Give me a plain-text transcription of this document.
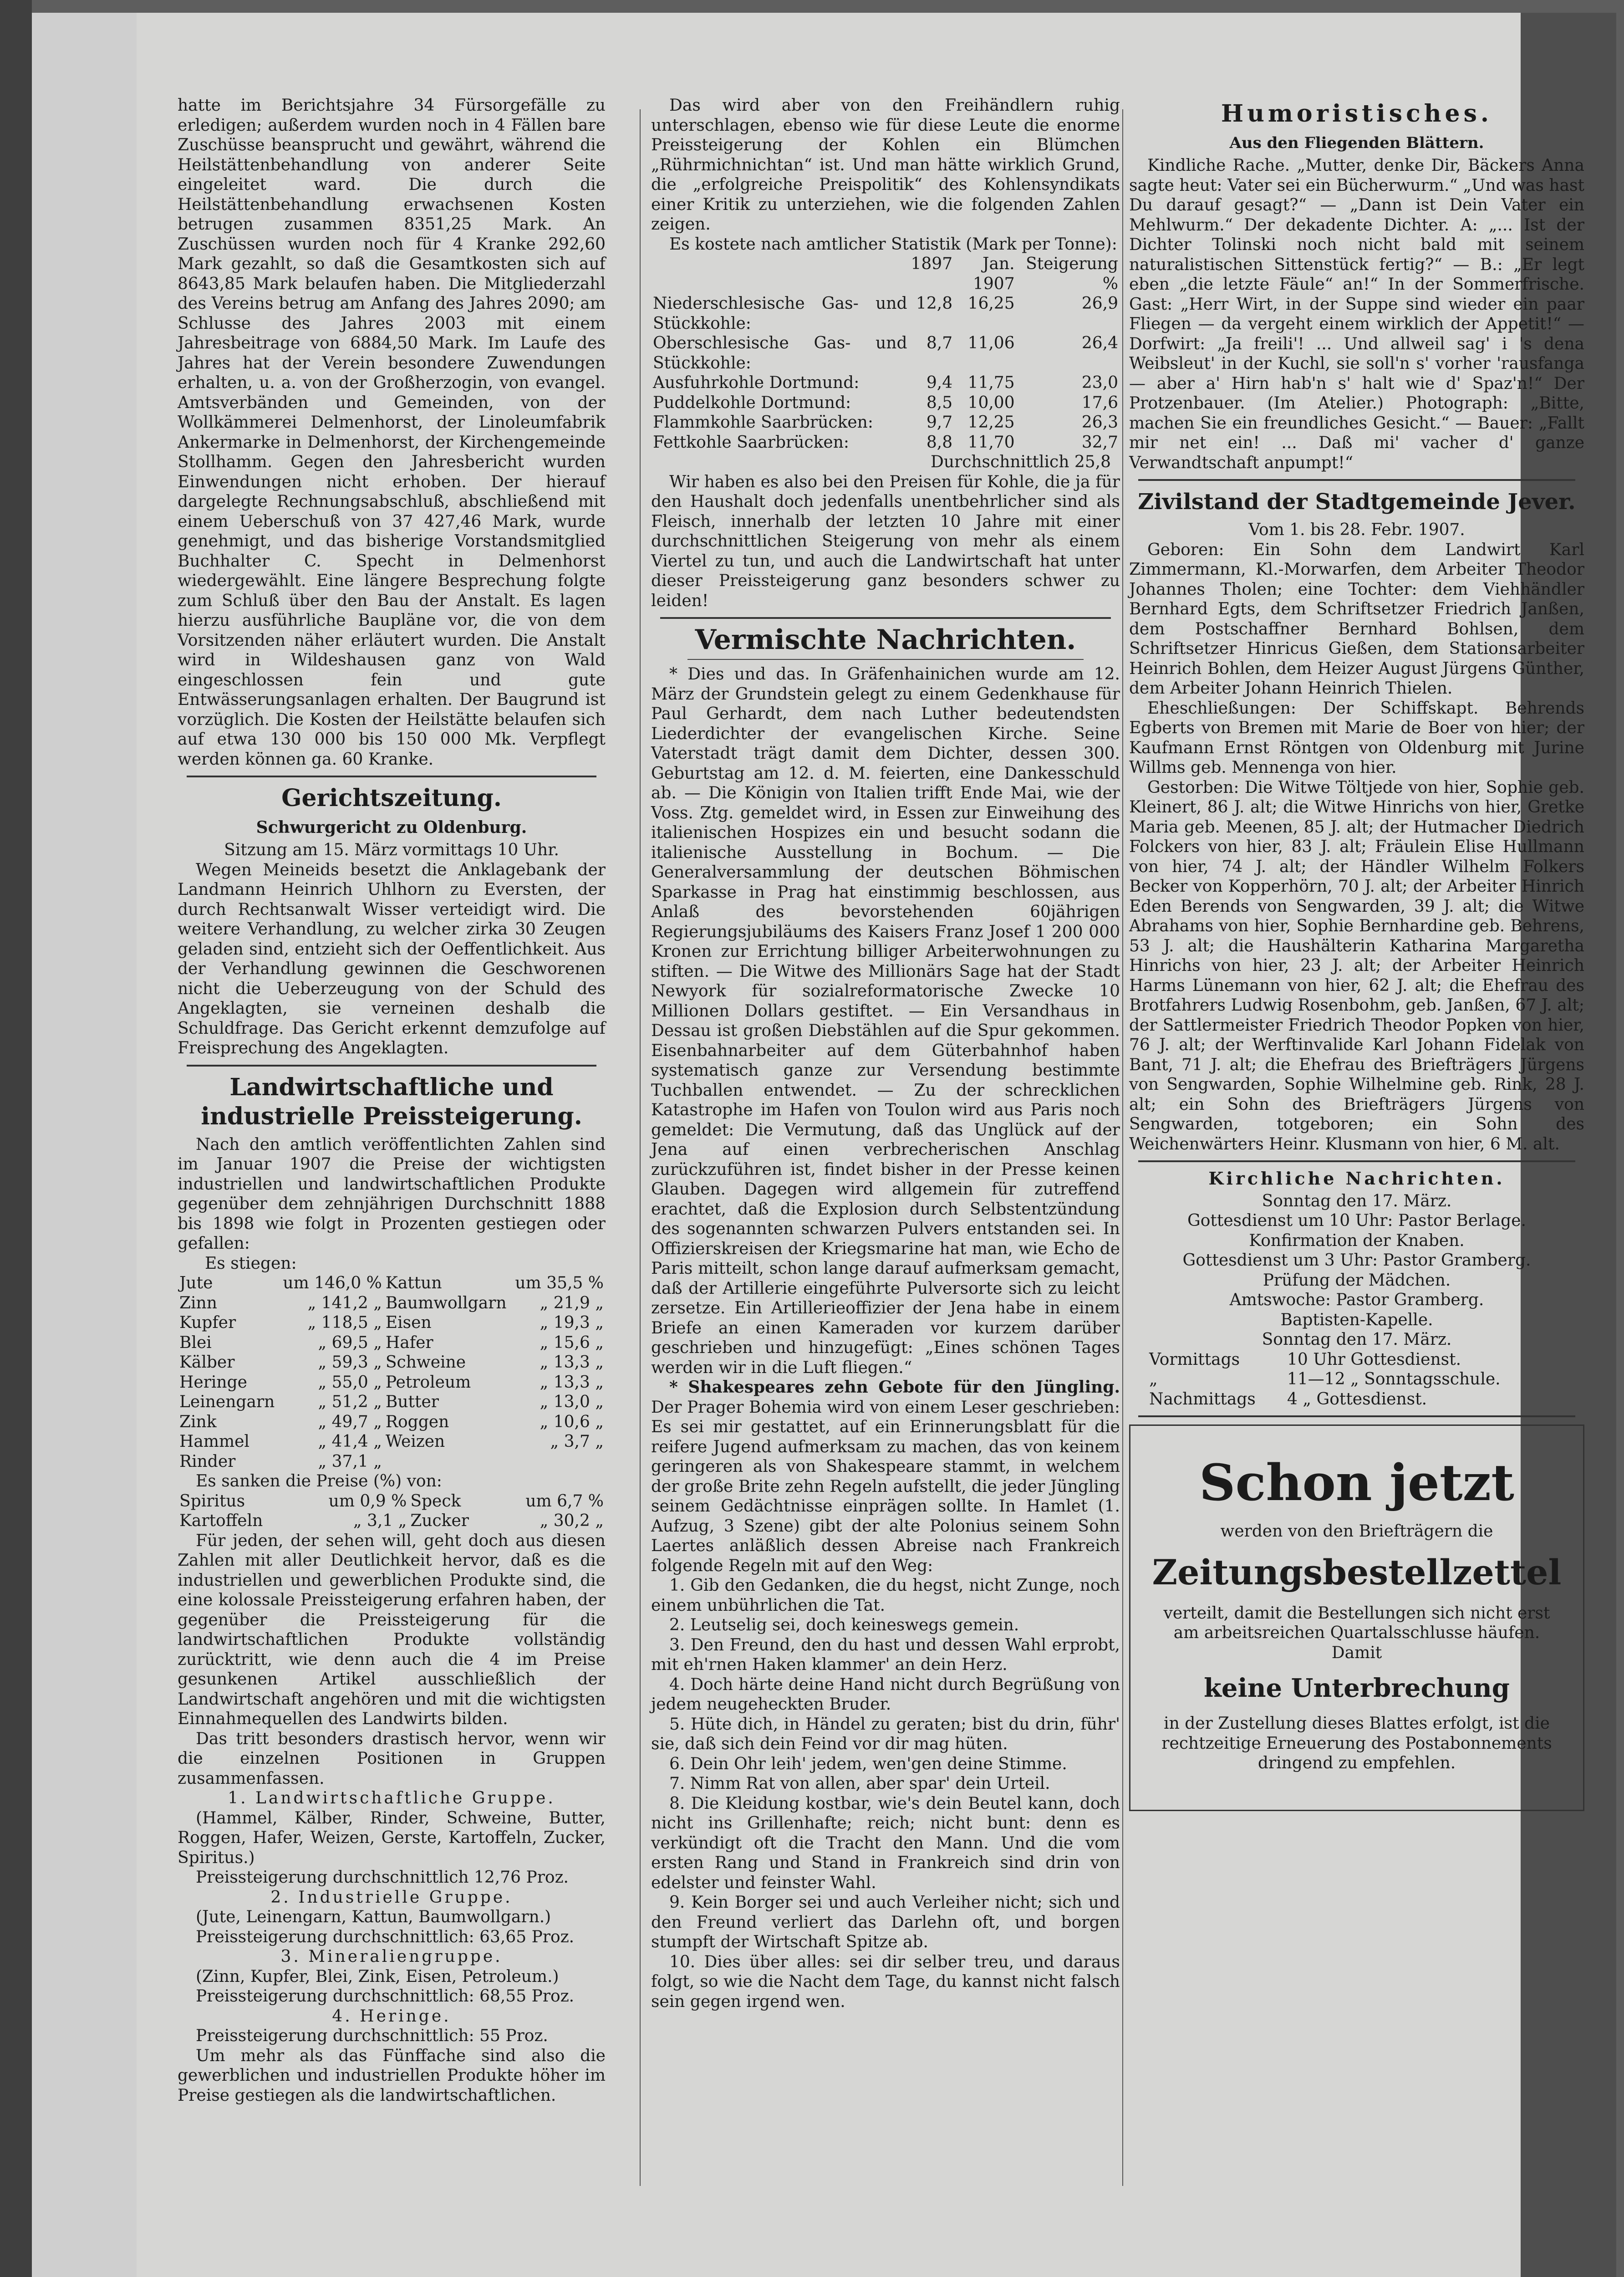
hatte im Berichtsjahre 34 Fürsorgefälle zu erledigen; außerdem wurden noch in 4 Fällen bare Zuschüsse beansprucht und gewährt, während die Heilstättenbehandlung von anderer Seite eingeleitet ward. Die durch die Heilstättenbehandlung erwachsenen Kosten betrugen zusammen 8351,25 Mark. An Zuschüssen wurden noch für 4 Kranke 292,60 Mark gezahlt, so daß die Gesamtkosten sich auf 8643,85 Mark belaufen haben. Die Mitgliederzahl des Vereins betrug am Anfang des Jahres 2090; am Schlusse des Jahres 2003 mit einem Jahresbeitrage von 6884,50 Mark. Im Laufe des Jahres hat der Verein besondere Zuwendungen erhalten, u. a. von der Großherzogin, von evangel. Amtsverbänden und Gemeinden, von der Wollkämmerei Delmenhorst, der Linoleumfabrik Ankermarke in Delmenhorst, der Kirchengemeinde Stollhamm. Gegen den Jahresbericht wurden Einwendungen nicht erhoben. Der hierauf dargelegte Rechnungsabschluß, abschließend mit einem Ueberschuß von 37 427,46 Mark, wurde genehmigt, und das bisherige Vorstandsmitglied Buchhalter C. Specht in Delmenhorst wiedergewählt. Eine längere Besprechung folgte zum Schluß über den Bau der Anstalt. Es lagen hierzu ausführliche Baupläne vor, die von dem Vorsitzenden näher erläutert wurden. Die Anstalt wird in Wildeshausen ganz von Wald eingeschlossen fein und gute Entwässerungsanlagen erhalten. Der Baugrund ist vorzüglich. Die Kosten der Heilstätte belaufen sich auf etwa 130 000 bis 150 000 Mk. Verpflegt werden können ga. 60 Kranke.

Gerichtszeitung.
Schwurgericht zu Oldenburg.
Sitzung am 15. März vormittags 10 Uhr.

Wegen Meineids besetzt die Anklagebank der Landmann Heinrich Uhlhorn zu Eversten, der durch Rechtsanwalt Wisser verteidigt wird. Die weitere Verhandlung, zu welcher zirka 30 Zeugen geladen sind, entzieht sich der Oeffentlichkeit. Aus der Verhandlung gewinnen die Geschworenen nicht die Ueberzeugung von der Schuld des Angeklagten, sie verneinen deshalb die Schuldfrage. Das Gericht erkennt demzufolge auf Freisprechung des Angeklagten.

Landwirtschaftliche und industrielle Preissteigerung.

Nach den amtlich veröffentlichten Zahlen sind im Januar 1907 die Preise der wichtigsten industriellen und landwirtschaftlichen Produkte gegenüber dem zehnjährigen Durchschnitt 1888 bis 1898 wie folgt in Prozenten gestiegen oder gefallen:

Es stiegen:
Jute	um 146,0 %	Kattun	um 35,5 %
Zinn	„ 141,2 „	Baumwollgarn	„ 21,9 „
Kupfer	„ 118,5 „	Eisen	„ 19,3 „
Blei	„ 69,5 „	Hafer	„ 15,6 „
Kälber	„ 59,3 „	Schweine	„ 13,3 „
Heringe	„ 55,0 „	Petroleum	„ 13,3 „
Leinengarn	„ 51,2 „	Butter	„ 13,0 „
Zink	„ 49,7 „	Roggen	„ 10,6 „
Hammel	„ 41,4 „	Weizen	„ 3,7 „
Rinder	„ 37,1 „		
Es sanken die Preise (%) von:
Spiritus	um 0,9 %	Speck	um 6,7 %
Kartoffeln	„ 3,1 „	Zucker	„ 30,2 „

Für jeden, der sehen will, geht doch aus diesen Zahlen mit aller Deutlichkeit hervor, daß es die industriellen und gewerblichen Produkte sind, die eine kolossale Preissteigerung erfahren haben, der gegenüber die Preissteigerung für die landwirtschaftlichen Produkte vollständig zurücktritt, wie denn auch die 4 im Preise gesunkenen Artikel ausschließlich der Landwirtschaft angehören und mit die wichtigsten Einnahmequellen des Landwirts bilden.

Das tritt besonders drastisch hervor, wenn wir die einzelnen Positionen in Gruppen zusammenfassen.

1. Landwirtschaftliche Gruppe.

(Hammel, Kälber, Rinder, Schweine, Butter, Roggen, Hafer, Weizen, Gerste, Kartoffeln, Zucker, Spiritus.)

Preissteigerung durchschnittlich 12,76 Proz.

2. Industrielle Gruppe.

(Jute, Leinengarn, Kattun, Baumwollgarn.)

Preissteigerung durchschnittlich: 63,65 Proz.

3. Mineraliengruppe.

(Zinn, Kupfer, Blei, Zink, Eisen, Petroleum.)

Preissteigerung durchschnittlich: 68,55 Proz.

4. Heringe.

Preissteigerung durchschnittlich: 55 Proz.

Um mehr als das Fünffache sind also die gewerblichen und industriellen Produkte höher im Preise gestiegen als die landwirtschaftlichen.

Das wird aber von den Freihändlern ruhig unterschlagen, ebenso wie für diese Leute die enorme Preissteigerung der Kohlen ein Blümchen „Rührmichnichtan“ ist. Und man hätte wirklich Grund, die „erfolgreiche Preispolitik“ des Kohlensyndikats einer Kritik zu unterziehen, wie die folgenden Zahlen zeigen.

Es kostete nach amtlicher Statistik (Mark per Tonne):

	1897	Jan. 1907	Steigerung %
Niederschlesische Gas- und Stückkohle:	12,8	16,25	26,9
Oberschlesische Gas- und Stückkohle:	8,7	11,06	26,4
Ausfuhrkohle Dortmund:	9,4	11,75	23,0
Puddelkohle Dortmund:	8,5	10,00	17,6
Flammkohle Saarbrücken:	9,7	12,25	26,3
Fettkohle Saarbrücken:	8,8	11,70	32,7
Durchschnittlich 25,8

Wir haben es also bei den Preisen für Kohle, die ja für den Haushalt doch jedenfalls unentbehrlicher sind als Fleisch, innerhalb der letzten 10 Jahre mit einer durchschnittlichen Steigerung von mehr als einem Viertel zu tun, und auch die Landwirtschaft hat unter dieser Preissteigerung ganz besonders schwer zu leiden!

Vermischte Nachrichten.

* Dies und das. In Gräfenhainichen wurde am 12. März der Grundstein gelegt zu einem Gedenkhause für Paul Gerhardt, dem nach Luther bedeutendsten Liederdichter der evangelischen Kirche. Seine Vaterstadt trägt damit dem Dichter, dessen 300. Geburtstag am 12. d. M. feierten, eine Dankesschuld ab. — Die Königin von Italien trifft Ende Mai, wie der Voss. Ztg. gemeldet wird, in Essen zur Einweihung des italienischen Hospizes ein und besucht sodann die italienische Ausstellung in Bochum. — Die Generalversammlung der deutschen Böhmischen Sparkasse in Prag hat einstimmig beschlossen, aus Anlaß des bevorstehenden 60jährigen Regierungsjubiläums des Kaisers Franz Josef 1 200 000 Kronen zur Errichtung billiger Arbeiterwohnungen zu stiften. — Die Witwe des Millionärs Sage hat der Stadt Newyork für sozialreformatorische Zwecke 10 Millionen Dollars gestiftet. — Ein Versandhaus in Dessau ist großen Diebstählen auf die Spur gekommen. Eisenbahnarbeiter auf dem Güterbahnhof haben systematisch ganze zur Versendung bestimmte Tuchballen entwendet. — Zu der schrecklichen Katastrophe im Hafen von Toulon wird aus Paris noch gemeldet: Die Vermutung, daß das Unglück auf der Jena auf einen verbrecherischen Anschlag zurückzuführen ist, findet bisher in der Presse keinen Glauben. Dagegen wird allgemein für zutreffend erachtet, daß die Explosion durch Selbstentzündung des sogenannten schwarzen Pulvers entstanden sei. In Offizierskreisen der Kriegsmarine hat man, wie Echo de Paris mitteilt, schon lange darauf aufmerksam gemacht, daß der Artillerie eingeführte Pulversorte sich zu leicht zersetze. Ein Artillerieoffizier der Jena habe in einem Briefe an einen Kameraden vor kurzem darüber geschrieben und hinzugefügt: „Eines schönen Tages werden wir in die Luft fliegen.“

* Shakespeares zehn Gebote für den Jüngling. Der Prager Bohemia wird von einem Leser geschrieben: Es sei mir gestattet, auf ein Erinnerungsblatt für die reifere Jugend aufmerksam zu machen, das von keinem geringeren als von Shakespeare stammt, in welchem der große Brite zehn Regeln aufstellt, die jeder Jüngling seinem Gedächtnisse einprägen sollte. In Hamlet (1. Aufzug, 3 Szene) gibt der alte Polonius seinem Sohn Laertes anläßlich dessen Abreise nach Frankreich folgende Regeln mit auf den Weg:

1. Gib den Gedanken, die du hegst, nicht Zunge, noch einem unbührlichen die Tat.

2. Leutselig sei, doch keineswegs gemein.

3. Den Freund, den du hast und dessen Wahl erprobt, mit eh'rnen Haken klammer' an dein Herz.

4. Doch härte deine Hand nicht durch Begrüßung von jedem neugeheckten Bruder.

5. Hüte dich, in Händel zu geraten; bist du drin, führ' sie, daß sich dein Feind vor dir mag hüten.

6. Dein Ohr leih' jedem, wen'gen deine Stimme.

7. Nimm Rat von allen, aber spar' dein Urteil.

8. Die Kleidung kostbar, wie's dein Beutel kann, doch nicht ins Grillenhafte; reich; nicht bunt: denn es verkündigt oft die Tracht den Mann. Und die vom ersten Rang und Stand in Frankreich sind drin von edelster und feinster Wahl.

9. Kein Borger sei und auch Verleiher nicht; sich und den Freund verliert das Darlehn oft, und borgen stumpft der Wirtschaft Spitze ab.

10. Dies über alles: sei dir selber treu, und daraus folgt, so wie die Nacht dem Tage, du kannst nicht falsch sein gegen irgend wen.

Humoristisches.
Aus den Fliegenden Blättern.

Kindliche Rache. „Mutter, denke Dir, Bäckers Anna sagte heut: Vater sei ein Bücherwurm.“ „Und was hast Du darauf gesagt?“ — „Dann ist Dein Vater ein Mehlwurm.“ Der dekadente Dichter. A: „... Ist der Dichter Tolinski noch nicht bald mit seinem naturalistischen Sittenstück fertig?“ — B.: „Er legt eben „die letzte Fäule“ an!“ In der Sommerfrische. Gast: „Herr Wirt, in der Suppe sind wieder ein paar Fliegen — da vergeht einem wirklich der Appetit!“ — Dorfwirt: „Ja freili'! ... Und allweil sag' i 's dena Weibsleut' in der Kuchl, sie soll'n s' vorher 'rausfanga — aber a' Hirn hab'n s' halt wie d' Spaz'n!“ Der Protzenbauer. (Im Atelier.) Photograph: „Bitte, machen Sie ein freundliches Gesicht.“ — Bauer: „Fallt mir net ein! ... Daß mi' vacher d' ganze Verwandtschaft anpumpt!“

Zivilstand der Stadtgemeinde Jever.
Vom 1. bis 28. Febr. 1907.

Geboren: Ein Sohn dem Landwirt Karl Zimmermann, Kl.-Morwarfen, dem Arbeiter Theodor Johannes Tholen; eine Tochter: dem Viehhändler Bernhard Egts, dem Schriftsetzer Friedrich Janßen, dem Postschaffner Bernhard Bohlsen, dem Schriftsetzer Hinricus Gießen, dem Stationsarbeiter Heinrich Bohlen, dem Heizer August Jürgens Günther, dem Arbeiter Johann Heinrich Thielen.

Eheschließungen: Der Schiffskapt. Behrends Egberts von Bremen mit Marie de Boer von hier; der Kaufmann Ernst Röntgen von Oldenburg mit Jurine Willms geb. Mennenga von hier.

Gestorben: Die Witwe Töltjede von hier, Sophie geb. Kleinert, 86 J. alt; die Witwe Hinrichs von hier, Gretke Maria geb. Meenen, 85 J. alt; der Hutmacher Diedrich Folckers von hier, 83 J. alt; Fräulein Elise Hullmann von hier, 74 J. alt; der Händler Wilhelm Folkers Becker von Kopperhörn, 70 J. alt; der Arbeiter Hinrich Eden Berends von Sengwarden, 39 J. alt; die Witwe Abrahams von hier, Sophie Bernhardine geb. Behrens, 53 J. alt; die Haushälterin Katharina Margaretha Hinrichs von hier, 23 J. alt; der Arbeiter Heinrich Harms Lünemann von hier, 62 J. alt; die Ehefrau des Brotfahrers Ludwig Rosenbohm, geb. Janßen, 67 J. alt; der Sattlermeister Friedrich Theodor Popken von hier, 76 J. alt; der Werftinvalide Karl Johann Fidelak von Bant, 71 J. alt; die Ehefrau des Briefträgers Jürgens von Sengwarden, Sophie Wilhelmine geb. Rink, 28 J. alt; ein Sohn des Briefträgers Jürgens von Sengwarden, totgeboren; ein Sohn des Weichenwärters Heinr. Klusmann von hier, 6 M. alt.

Kirchliche Nachrichten.
Sonntag den 17. März.
Gottesdienst um 10 Uhr: Pastor Berlage.
Konfirmation der Knaben.
Gottesdienst um 3 Uhr: Pastor Gramberg.
Prüfung der Mädchen.
Amtswoche: Pastor Gramberg.
Baptisten-Kapelle.
Sonntag den 17. März.
Vormittags	10 Uhr Gottesdienst.
„	11—12 „ Sonntagsschule.
Nachmittags	4 „ Gottesdienst.
Schon jetzt
werden von den Briefträgern die
Zeitungsbestellzettel
verteilt, damit die Bestellungen sich nicht erst am arbeitsreichen Quartalsschlusse häufen. Damit
keine Unterbrechung
in der Zustellung dieses Blattes erfolgt, ist die rechtzeitige Erneuerung des Postabonnements dringend zu empfehlen.
